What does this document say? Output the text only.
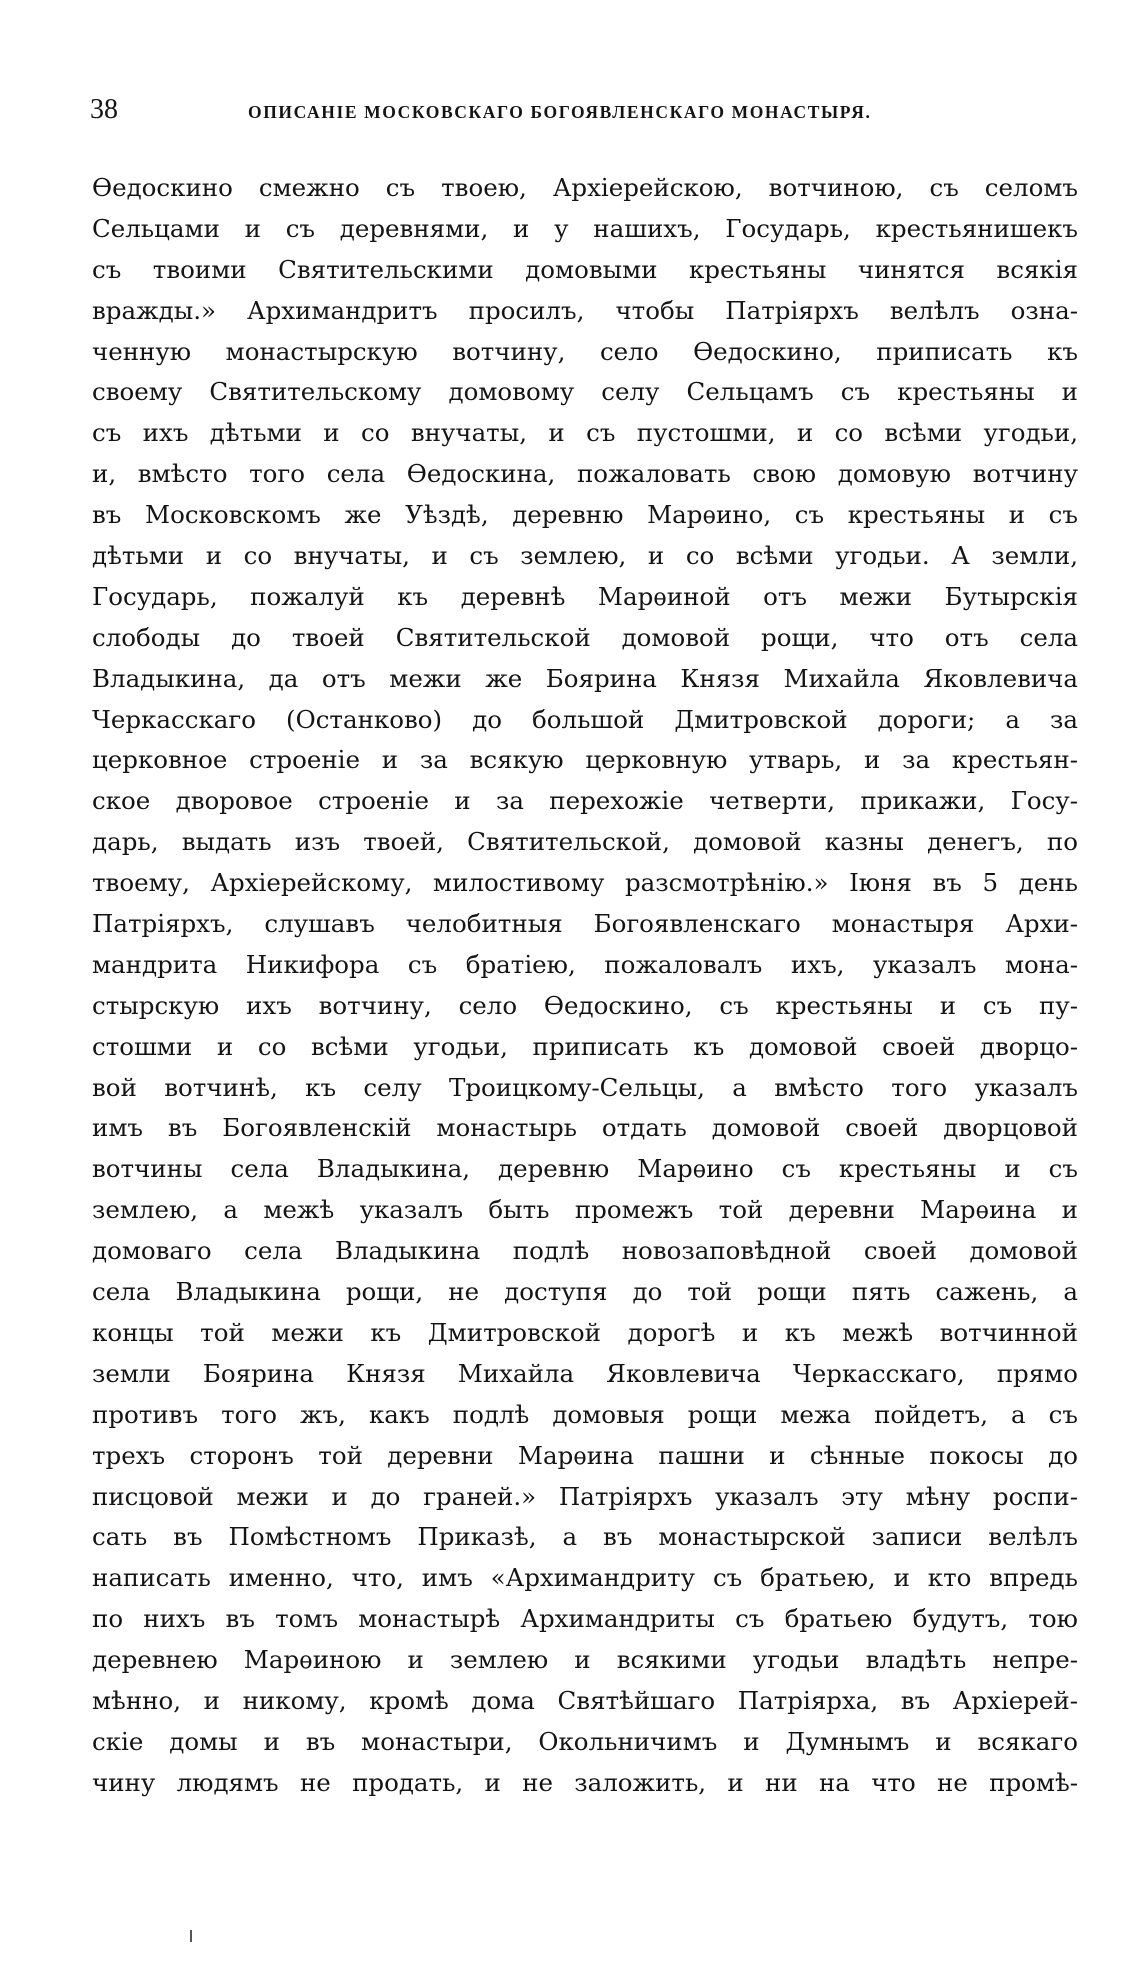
38	ОПИСАНІЕ МОСКОВСКАГО БОГОЯВЛЕНСКАГО МОНАСТЫРЯ.
Ѳедоскино смежно съ твоею, Архіерейскою, вотчиною, съ селомъ
Сельцами и съ деревнями, и у нашихъ, Государь, крестьянишекъ
съ твоими Святительскими домовыми крестьяны чинятся всякія
вражды.» Архимандритъ просилъ, чтобы Патріярхъ велѣлъ озна-
ченную монастырскую вотчину, село Ѳедоскино, приписать къ
своему Святительскому домовому селу Сельцамъ съ крестьяны и
съ ихъ дѣтьми и со внучаты, и съ пустошми, и со всѣми угодьи,
и, вмѣсто того села Ѳедоскина, пожаловать свою домовую вотчину
въ Московскомъ же Уѣздѣ, деревню Марѳино, съ крестьяны и съ
дѣтьми и со внучаты, и съ землею, и со всѣми угодьи. А земли,
Государь, пожалуй къ деревнѣ Марѳиной отъ межи Бутырскія
слободы до твоей Святительской домовой рощи, что отъ села
Владыкина, да отъ межи же Боярина Князя Михайла Яковлевича
Черкасскаго (Останково) до большой Дмитровской дороги; а за
церковное строеніе и за всякую церковную утварь, и за крестьян-
ское дворовое строеніе и за перехожіе четверти, прикажи, Госу-
дарь, выдать изъ твоей, Святительской, домовой казны денегъ, по
твоему, Архіерейскому, милостивому разсмотрѣнію.» Іюня въ 5 день
Патріярхъ, слушавъ челобитныя Богоявленскаго монастыря Архи-
мандрита Никифора съ братіею, пожаловалъ ихъ, указалъ мона-
стырскую ихъ вотчину, село Ѳедоскино, съ крестьяны и съ пу-
стошми и со всѣми угодьи, приписать къ домовой своей дворцо-
вой вотчинѣ, къ селу Троицкому-Сельцы, а вмѣсто того указалъ
имъ въ Богоявленскій монастырь отдать домовой своей дворцовой
вотчины села Владыкина, деревню Марѳино съ крестьяны и съ
землею, а межѣ указалъ быть промежъ той деревни Марѳина и
домоваго села Владыкина подлѣ новозаповѣдной своей домовой
села Владыкина рощи, не доступя до той рощи пять сажень, а
концы той межи къ Дмитровской дорогѣ и къ межѣ вотчинной
земли Боярина Князя Михайла Яковлевича Черкасскаго, прямо
противъ того жъ, какъ подлѣ домовыя рощи межа пойдетъ, а съ
трехъ сторонъ той деревни Марѳина пашни и сѣнные покосы до
писцовой межи и до граней.» Патріярхъ указалъ эту мѣну роспи-
сать въ Помѣстномъ Приказѣ, а въ монастырской записи велѣлъ
написать именно, что, имъ «Архимандриту съ братьею, и кто впредь
по нихъ въ томъ монастырѣ Архимандриты съ братьею будутъ, тою
деревнею Марѳиною и землею и всякими угодьи владѣть непре-
мѣнно, и никому, кромѣ дома Святѣйшаго Патріярха, въ Архіерей-
скіе домы и въ монастыри, Окольничимъ и Думнымъ и всякаго
чину людямъ не продать, и не заложить, и ни на что не промѣ-
